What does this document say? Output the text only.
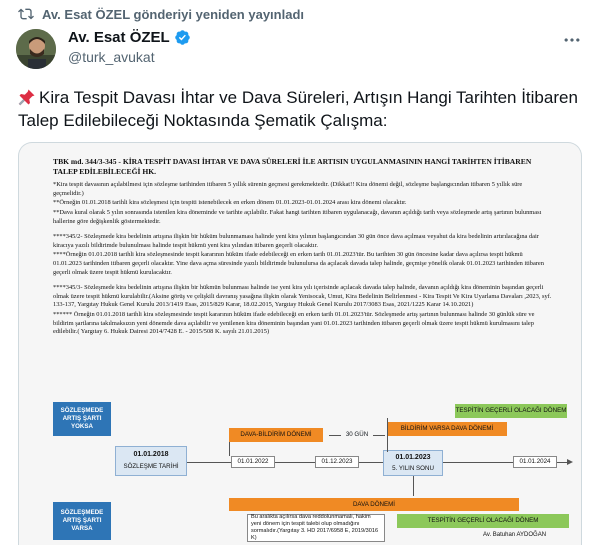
Av. Esat ÖZEL gönderiyi yeniden yayınladı
Av. Esat ÖZEL
@turk_avukat
Kira Tespit Davası İhtar ve Dava Süreleri, Artışın Hangi Tarihten İtibaren Talep Edilebileceği Noktasında Şematik Çalışma:

TBK md. 344/3-345 - KİRA TESPİT DAVASI İHTAR VE DAVA SÜRELERİ İLE ARTISIN UYGULANMASININ HANGİ TARİHTEN İTİBAREN TALEP EDİLEBİLECEĞİ HK.

*Kira tespit davasının açılabilmesi için sözleşme tarihinden itibaren 5 yıllık sürenin geçmesi gerekmektedir. (Dikkat!! Kira dönemi değil, sözleşme başlangıcından itibaren 5 yıllık süre geçmelidir.)

**Örneğin 01.01.2018 tarihli kira sözleşmesi için tespiti istenebilecek en erken dönem 01.01.2023-01.01.2024 arası kira dönemi olacaktır.

**Dava kural olarak 5 yılın sonrasında istenilen kira döneminde ve tarihte açılabilir. Fakat hangi tarihten itibaren uygulanacağı, davanın açıldığı tarih veya sözleşmede artış şartının bulunması hallerine göre değişkenlik göstermektedir.

****345/2- Sözleşmede kira bedelinin artışına ilişkin bir hüküm bulunmaması halinde yeni kira yılının başlangıcından 30 gün önce dava açılması veyahut da kira bedelinin artırılacağına dair kiracıya yazılı bildirimde bulunulması halinde tespit hükmü yeni kira yılından itibaren geçerli olacaktır.

****Örneğin 01.01.2018 tarihli kira sözleşmesinde tespit kararının hüküm ifade edebileceği en erken tarih 01.01.2023'tür. Bu tarihten 30 gün öncesine kadar dava açılırsa tespit hükmü 01.01.2023 tarihinden itibaren geçerli olacaktır. Yine dava açma süresinde yazılı bildirimde bulunulursa da açılacak davada talep halinde, geçmişe yönelik olarak 01.01.2023 tarihinden itibaren geçerli olmak üzere tespit hükmü kurulacaktır.

****345/3- Sözleşmede kira bedelinin artışına ilişkin bir hükmün bulunması halinde ise yeni kira yılı içerisinde açılacak davada talep halinde, davanın açıldığı kira döneminin başından geçerli olmak üzere tespit hükmü kurulabilir.(Aksine görüş ve çelişkili davranış yasağına ilişkin olarak Yenisocak, Umut, Kira Bedelinin Belirlenmesi - Kira Tespit Ve Kira Uyarlama Davaları ,2023, syf. 133-137, Yargıtay Hukuk Genel Kurulu 2013/1419 Esas, 2015/829 Karar, 18.02.2015, Yargıtay Hukuk Genel Kurulu 2017/3083 Esas, 2021/1225 Karar 14.10.2021)

****** Örneğin 01.01.2018 tarihli kira sözleşmesinde tespit kararının hüküm ifade edebileceği en erken tarih 01.01.2023'tür. Sözleşmede artış şartının bulunması halinde 30 günlük süre ve bildirim şartlarına takılmaksızın yeni dönemde dava açılabilir ve yenilenen kira döneminin başından yani 01.01.2023 tarihinden itibaren geçerli olmak üzere tespit hükmü kurulmasını talep edilebilir.( Yargıtay 6. Hukuk Dairesi 2014/7428 E. - 2015/508 K. sayılı 21.01.2015)

SÖZLEŞMEDE ARTIŞ ŞARTI YOKSA
SÖZLEŞMEDE ARTIŞ ŞARTI VARSA
01.01.2018
SÖZLEŞME TARİHİ
01.01.2022	01.12.2023
01.01.2023
5. YILIN SONU
01.01.2024
DAVA-BİLDİRİM DÖNEMİ	30 GÜN
BİLDİRİM VARSA DAVA DÖNEMİ
TESPİTİN GEÇERLİ OLACAĞI DÖNEM
DAVA DÖNEMİ
Bu aralıkta açılırsa dava reddolunmamalı, hakim yeni dönem için tespit talebi olup olmadığını sormalıdır.(Yargıtay 3. HD 2017/6958 E, 2019/3016 K)
TESPİTİN GEÇERLİ OLACAĞI DÖNEM
Av. Batuhan AYDOĞAN
